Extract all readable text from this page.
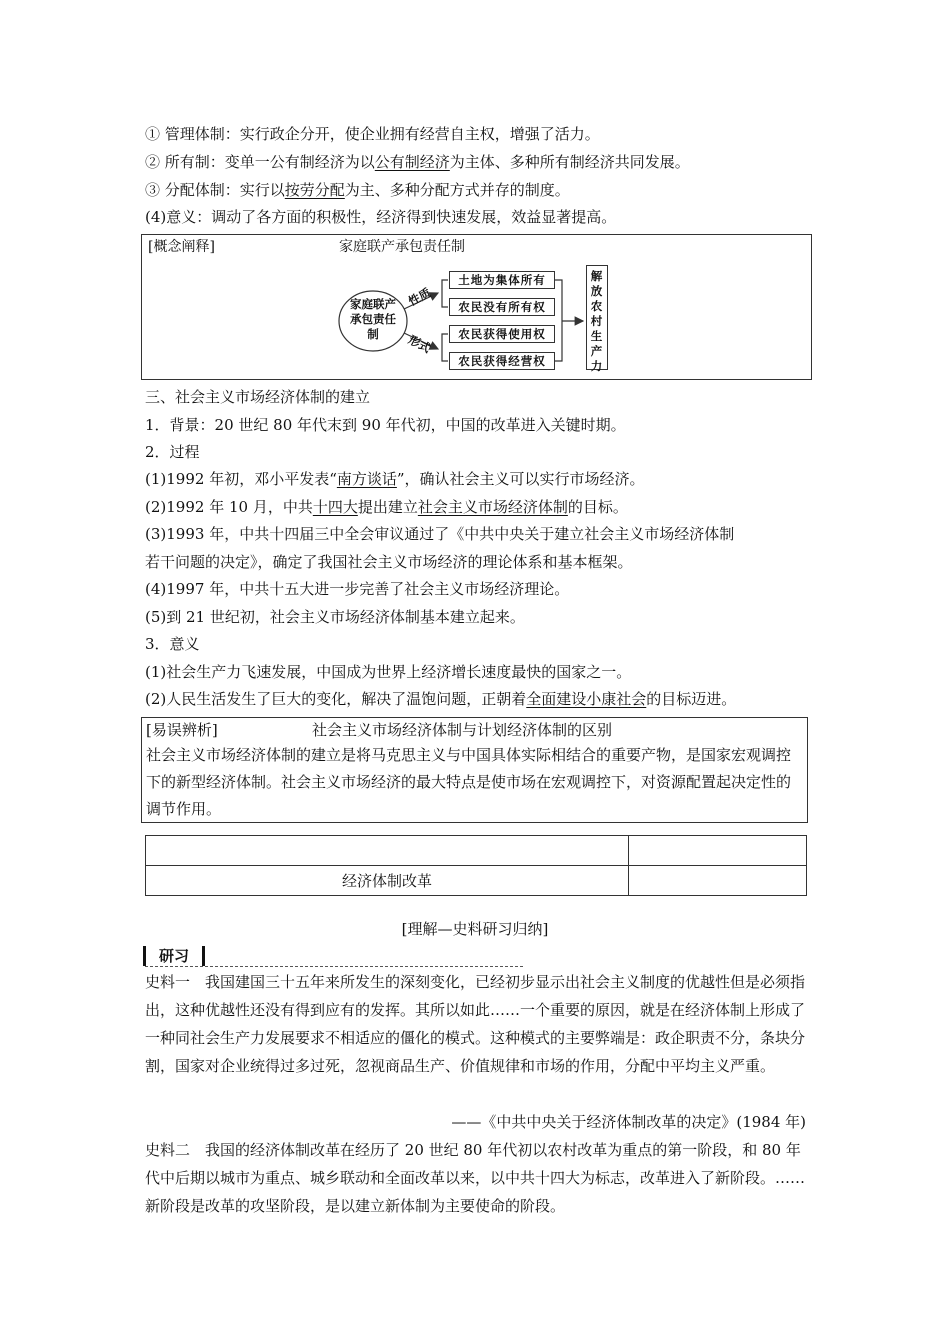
① 管理体制：实行政企分开，使企业拥有经营自主权，增强了活力。
② 所有制：变单一公有制经济为以公有制经济为主体、多种所有制经济共同发展。
③ 分配体制：实行以按劳分配为主、多种分配方式并存的制度。
(4)意义：调动了各方面的积极性，经济得到快速发展，效益显著提高。
[概念阐释]	家庭联产承包责任制
家庭联产
承包责任
制
性质
形式
土地为集体所有
农民没有所有权
农民获得使用权
农民获得经营权
解放农村生产力
三、社会主义市场经济体制的建立
1．背景：20 世纪 80 年代末到 90 年代初，中国的改革进入关键时期。
2．过程
(1)1992 年初，邓小平发表“南方谈话”，确认社会主义可以实行市场经济。
(2)1992 年 10 月，中共十四大提出建立社会主义市场经济体制的目标。
(3)1993 年，中共十四届三中全会审议通过了《中共中央关于建立社会主义市场经济体制
若干问题的决定》，确定了我国社会主义市场经济的理论体系和基本框架。
(4)1997 年，中共十五大进一步完善了社会主义市场经济理论。
(5)到 21 世纪初，社会主义市场经济体制基本建立起来。
3．意义
(1)社会生产力飞速发展，中国成为世界上经济增长速度最快的国家之一。
(2)人民生活发生了巨大的变化，解决了温饱问题，正朝着全面建设小康社会的目标迈进。
[易误辨析]	社会主义市场经济体制与计划经济体制的区别
社会主义市场经济体制的建立是将马克思主义与中国具体实际相结合的重要产物，是国家宏观调控下的新型经济体制。社会主义市场经济的最大特点是使市场在宏观调控下，对资源配置起决定性的调节作用。

经济体制改革	
[理解—史料研习归纳]
研习
史料一　我国建国三十五年来所发生的深刻变化，已经初步显示出社会主义制度的优越性但是必须指出，这种优越性还没有得到应有的发挥。其所以如此……一个重要的原因，就是在经济体制上形成了一种同社会生产力发展要求不相适应的僵化的模式。这种模式的主要弊端是：政企职责不分，条块分割，国家对企业统得过多过死，忽视商品生产、价值规律和市场的作用，分配中平均主义严重。
——《中共中央关于经济体制改革的决定》(1984 年)
史料二　我国的经济体制改革在经历了 20 世纪 80 年代初以农村改革为重点的第一阶段，和 80 年代中后期以城市为重点、城乡联动和全面改革以来，以中共十四大为标志，改革进入了新阶段。……新阶段是改革的攻坚阶段，是以建立新体制为主要使命的阶段。
